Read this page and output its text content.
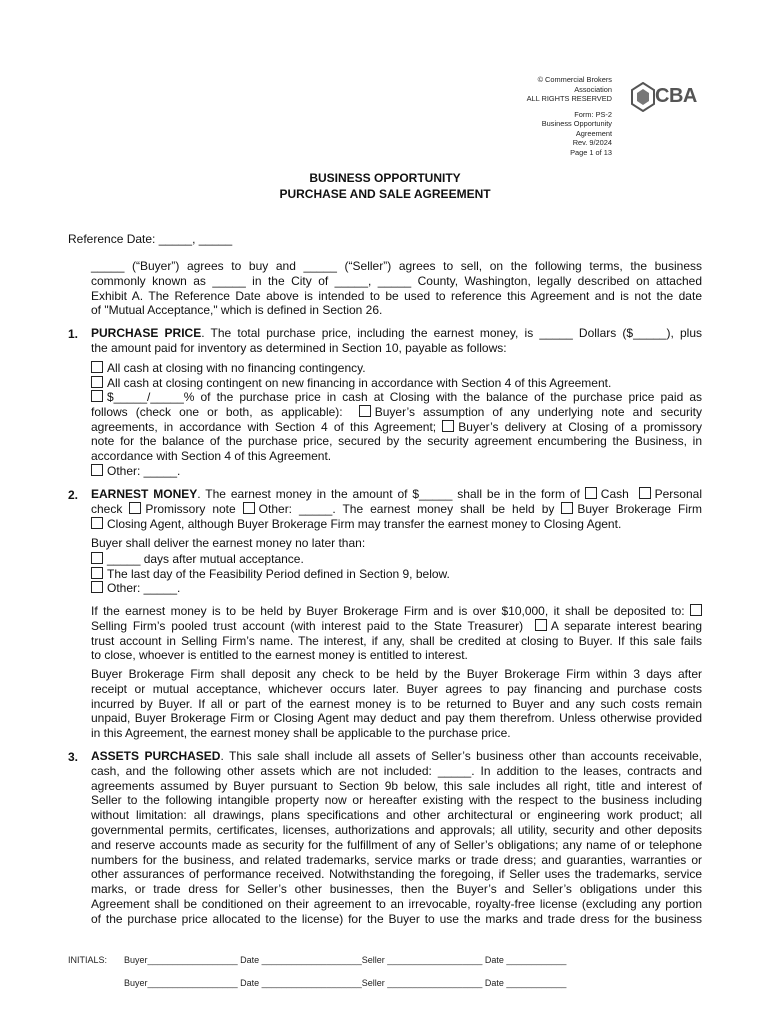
© Commercial Brokers
Association
ALL RIGHTS RESERVED
Form: PS-2
Business Opportunity
Agreement
Rev. 9/2024
Page 1 of 13
CBA
BUSINESS OPPORTUNITY
PURCHASE AND SALE AGREEMENT
Reference Date: _____, _____
_____ (“Buyer”) agrees to buy and _____ (“Seller”) agrees to sell, on the following terms, the business
commonly known as _____ in the City of _____, _____ County, Washington, legally described on attached
Exhibit A. The Reference Date above is intended to be used to reference this Agreement and is not the date
of "Mutual Acceptance," which is defined in Section 26.
1. PURCHASE PRICE. The total purchase price, including the earnest money, is _____ Dollars ($_____), plus
the amount paid for inventory as determined in Section 10, payable as follows:
All cash at closing with no financing contingency.
All cash at closing contingent on new financing in accordance with Section 4 of this Agreement.
$_____/_____% of the purchase price in cash at Closing with the balance of the purchase price paid as
follows (check one or both, as applicable):	Buyer’s assumption of any underlying note and security
agreements, in accordance with Section 4 of this Agreement; Buyer’s delivery at Closing of a promissory
note for the balance of the purchase price, secured by the security agreement encumbering the Business, in
accordance with Section 4 of this Agreement.
Other: _____.
2. EARNEST MONEY. The earnest money in the amount of $_____ shall be in the form of Cash Personal
check Promissory note Other: _____. The earnest money shall be held by Buyer Brokerage Firm
Closing Agent, although Buyer Brokerage Firm may transfer the earnest money to Closing Agent.
Buyer shall deliver the earnest money no later than:
_____ days after mutual acceptance.
The last day of the Feasibility Period defined in Section 9, below.
Other: _____.
If the earnest money is to be held by Buyer Brokerage Firm and is over $10,000, it shall be deposited to:
Selling Firm’s pooled trust account (with interest paid to the State Treasurer) A separate interest bearing
trust account in Selling Firm’s name. The interest, if any, shall be credited at closing to Buyer. If this sale fails
to close, whoever is entitled to the earnest money is entitled to interest.
Buyer Brokerage Firm shall deposit any check to be held by the Buyer Brokerage Firm within 3 days after
receipt or mutual acceptance, whichever occurs later. Buyer agrees to pay financing and purchase costs
incurred by Buyer. If all or part of the earnest money is to be returned to Buyer and any such costs remain
unpaid, Buyer Brokerage Firm or Closing Agent may deduct and pay them therefrom. Unless otherwise provided
in this Agreement, the earnest money shall be applicable to the purchase price.
3. ASSETS PURCHASED. This sale shall include all assets of Seller’s business other than accounts receivable,
cash, and the following other assets which are not included: _____. In addition to the leases, contracts and
agreements assumed by Buyer pursuant to Section 9b below, this sale includes all right, title and interest of
Seller to the following intangible property now or hereafter existing with the respect to the business including
without limitation: all drawings, plans specifications and other architectural or engineering work product; all
governmental permits, certificates, licenses, authorizations and approvals; all utility, security and other deposits
and reserve accounts made as security for the fulfillment of any of Seller’s obligations; any name of or telephone
numbers for the business, and related trademarks, service marks or trade dress; and guaranties, warranties or
other assurances of performance received. Notwithstanding the foregoing, if Seller uses the trademarks, service
marks, or trade dress for Seller’s other businesses, then the Buyer’s and Seller’s obligations under this
Agreement shall be conditioned on their agreement to an irrevocable, royalty-free license (excluding any portion
of the purchase price allocated to the license) for the Buyer to use the marks and trade dress for the business
INITIALS: Buyer__________________ Date ____________________Seller ___________________ Date ____________
Buyer__________________ Date ____________________Seller ___________________ Date ____________
